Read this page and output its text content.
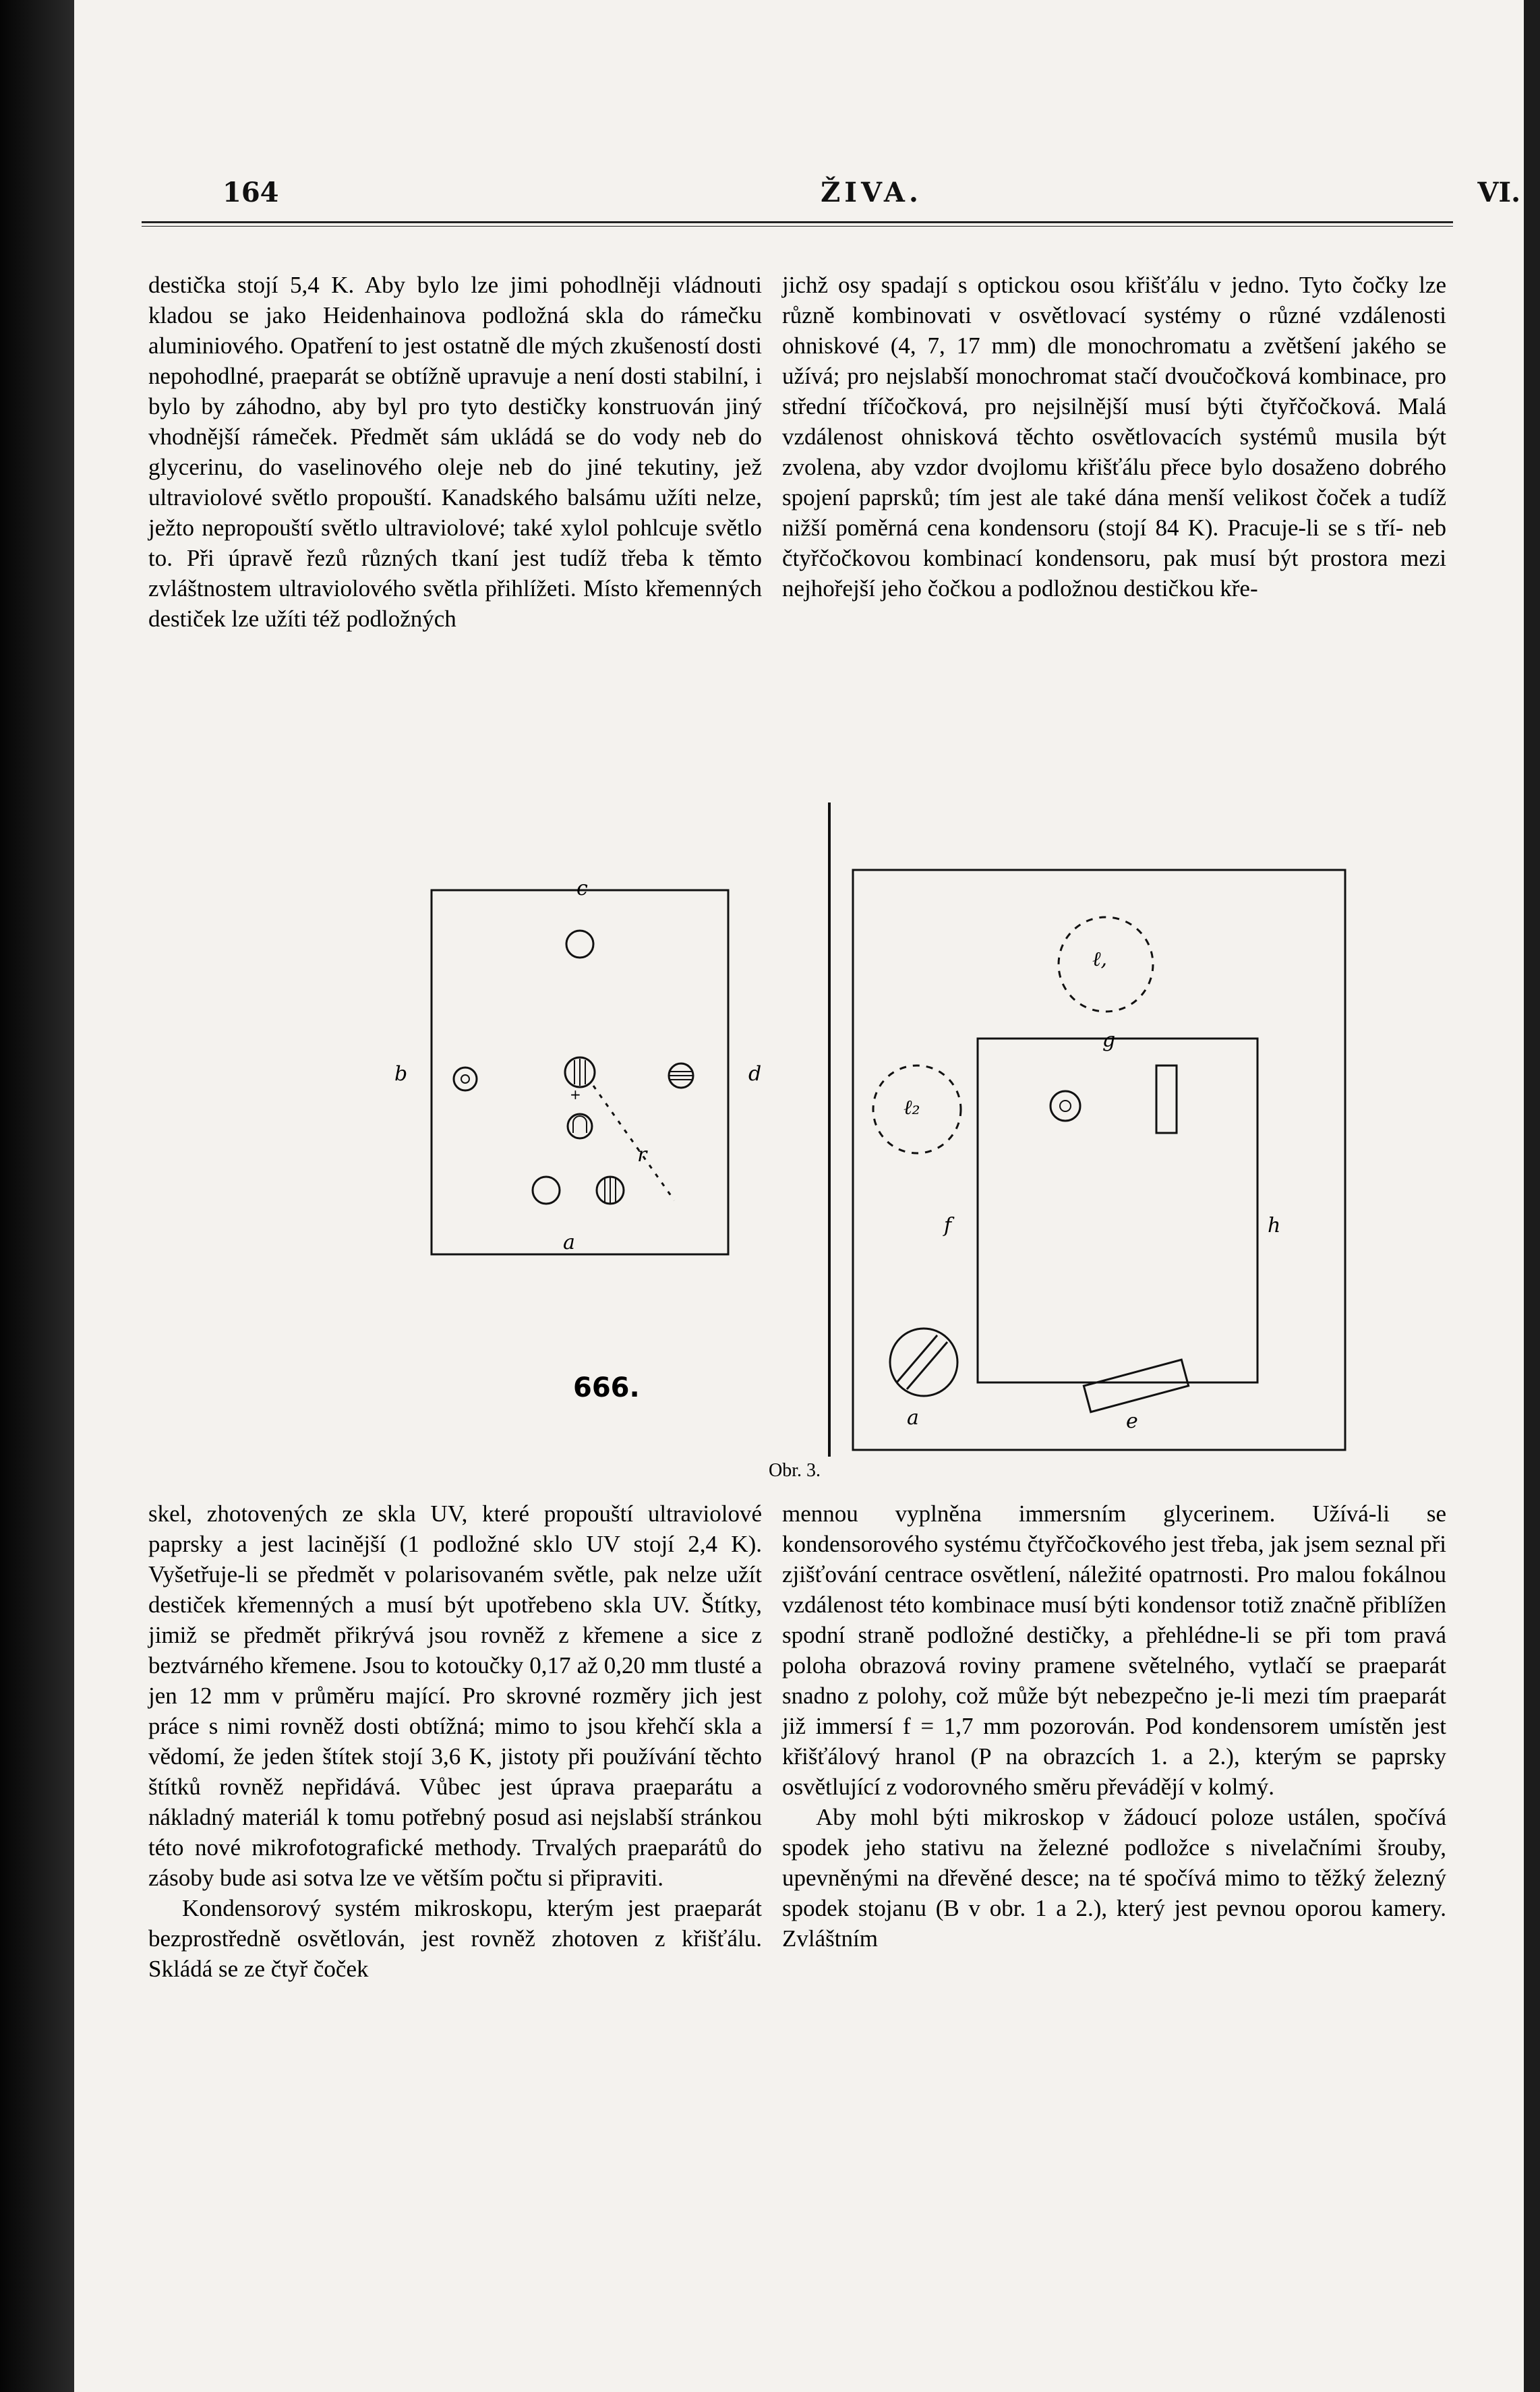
164	ŽIVA.	VI.

destička stojí 5,4 K. Aby bylo lze jimi pohodlněji vládnouti kladou se jako Heidenhainova podložná skla do rámečku aluminiového. Opatření to jest ostatně dle mých zkušeností dosti nepohodlné, praeparát se obtížně upravuje a není dosti stabilní, i bylo by záhodno, aby byl pro tyto destičky konstruován jiný vhodnější rámeček. Předmět sám ukládá se do vody neb do glycerinu, do vaselinového oleje neb do jiné tekutiny, jež ultraviolové světlo propouští. Kanadského balsámu užíti nelze, ježto nepropouští světlo ultraviolové; také xylol pohlcuje světlo to. Při úpravě řezů různých tkaní jest tudíž třeba k těmto zvláštnostem ultraviolového světla přihlížeti. Místo křemenných destiček lze užíti též podložných

jichž osy spadají s optickou osou křišťálu v jedno. Tyto čočky lze různě kombinovati v osvětlovací systémy o různé vzdálenosti ohniskové (4, 7, 17 mm) dle monochromatu a zvětšení jakého se užívá; pro nejslabší monochromat stačí dvoučočková kombinace, pro střední tříčočková, pro nejsilnější musí býti čtyřčočková. Malá vzdálenost ohnisková těchto osvětlovacích systémů musila být zvolena, aby vzdor dvojlomu křišťálu přece bylo dosaženo dobrého spojení paprsků; tím jest ale také dána menší velikost čoček a tudíž nižší poměrná cena kondensoru (stojí 84 K). Pracuje-li se s tří- neb čtyřčočkovou kombinací kondensoru, pak musí být prostora mezi nejhořejší jeho čočkou a podložnou destičkou kře-

+
c
b	d
r
a
666.
ℓ,
ℓ₂
g
f	h
a	e
Obr. 3.

skel, zhotovených ze skla UV, které propouští ultraviolové paprsky a jest lacinější (1 podložné sklo UV stojí 2,4 K). Vyšetřuje-li se předmět v polarisovaném světle, pak nelze užít destiček křemenných a musí být upotřebeno skla UV. Štítky, jimiž se předmět přikrývá jsou rovněž z křemene a sice z beztvárného křemene. Jsou to kotoučky 0,17 až 0,20 mm tlusté a jen 12 mm v průměru mající. Pro skrovné rozměry jich jest práce s nimi rovněž dosti obtížná; mimo to jsou křehčí skla a vědomí, že jeden štítek stojí 3,6 K, jistoty při používání těchto štítků rovněž nepřidává. Vůbec jest úprava praeparátu a nákladný materiál k tomu potřebný posud asi nejslabší stránkou této nové mikrofotografické methody. Trvalých praeparátů do zásoby bude asi sotva lze ve větším počtu si připraviti.

Kondensorový systém mikroskopu, kterým jest praeparát bezprostředně osvětlován, jest rovněž zhotoven z křišťálu. Skládá se ze čtyř čoček

mennou vyplněna immersním glycerinem. Užívá-li se kondensorového systému čtyřčočkového jest třeba, jak jsem seznal při zjišťování centrace osvětlení, náležité opatrnosti. Pro malou fokálnou vzdálenost této kombinace musí býti kondensor totiž značně přiblížen spodní straně podložné destičky, a přehlédne-li se při tom pravá poloha obrazová roviny pramene světelného, vytlačí se praeparát snadno z polohy, což může být nebezpečno je-li mezi tím praeparát již immersí f = 1,7 mm pozorován. Pod kondensorem umístěn jest křišťálový hranol (P na obrazcích 1. a 2.), kterým se paprsky osvětlující z vodorovného směru převádějí v kolmý.

Aby mohl býti mikroskop v žádoucí poloze ustálen, spočívá spodek jeho stativu na železné podložce s nivelačními šrouby, upevněnými na dřevěné desce; na té spočívá mimo to těžký železný spodek stojanu (B v obr. 1 a 2.), který jest pevnou oporou kamery. Zvláštním
